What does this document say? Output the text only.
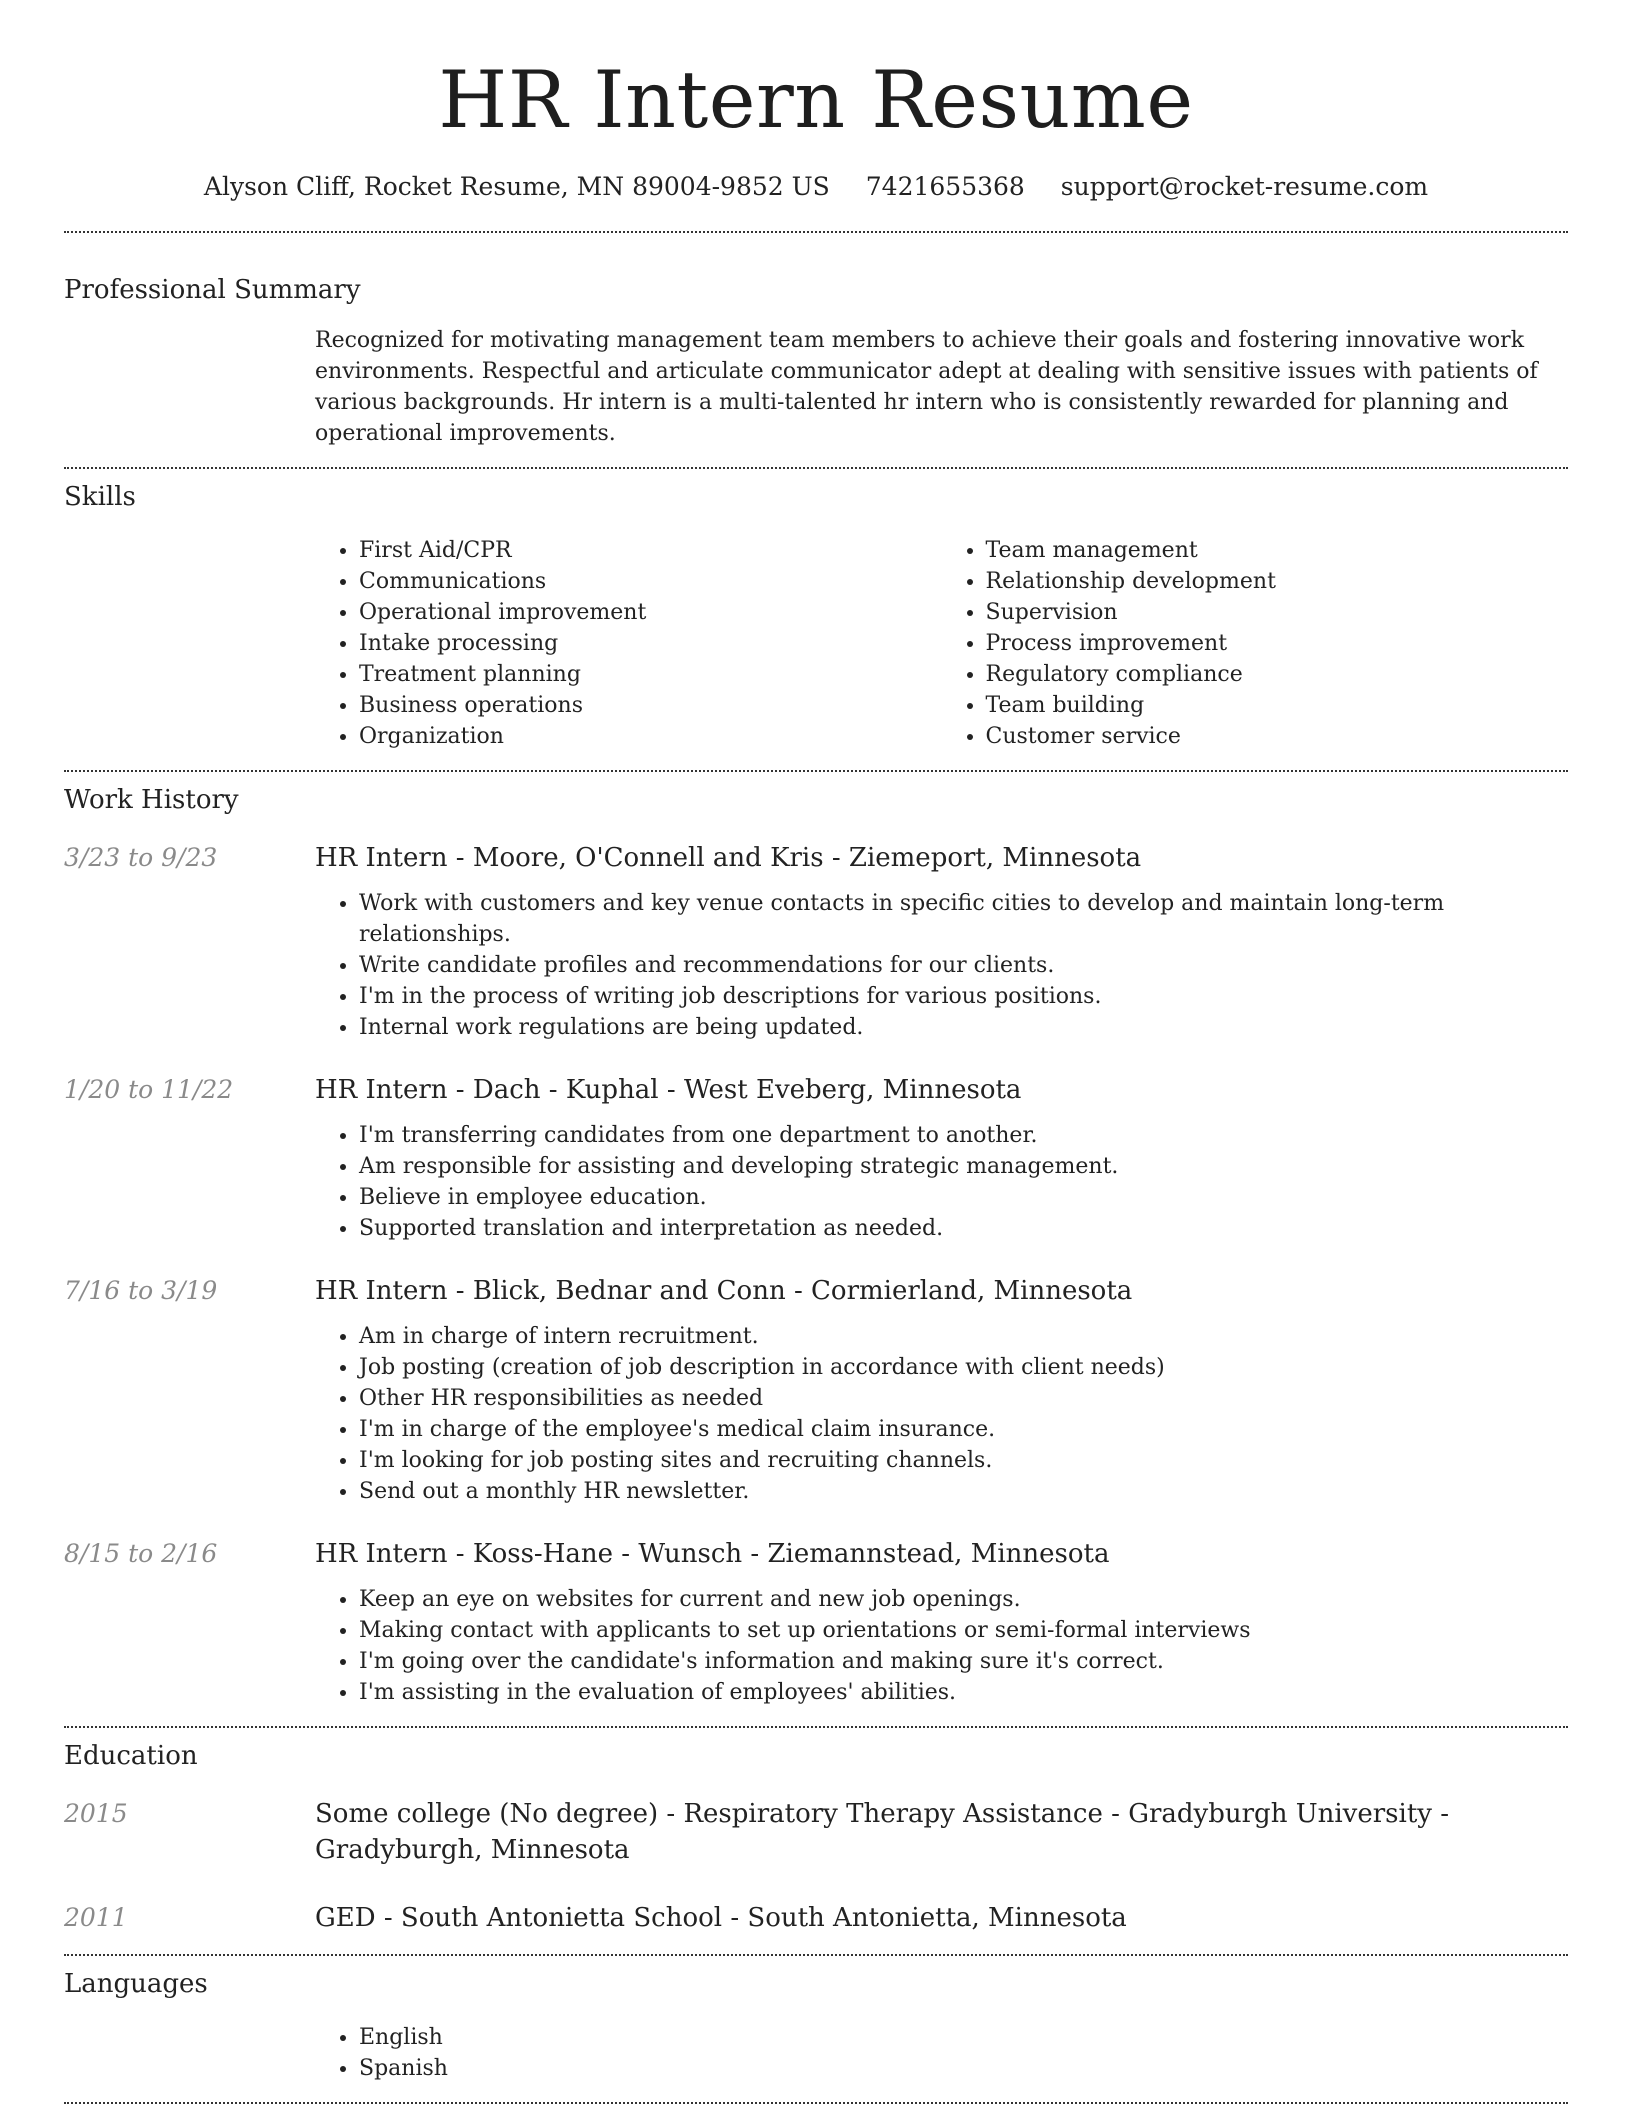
HR Intern Resume
Alyson Cliff, Rocket Resume, MN 89004-9852 US 7421655368 support@rocket-resume.com
Professional Summary

Recognized for motivating management team members to achieve their goals and fostering innovative work environments. Respectful and articulate communicator adept at dealing with sensitive issues with patients of various backgrounds. Hr intern is a multi-talented hr intern who is consistently rewarded for planning and operational improvements.

Skills
• First Aid/CPR
• Communications
• Operational improvement
• Intake processing
• Treatment planning
• Business operations
• Organization
• Team management
• Relationship development
• Supervision
• Process improvement
• Regulatory compliance
• Team building
• Customer service
Work History
3/23 to 9/23	HR Intern - Moore, O'Connell and Kris - Ziemeport, Minnesota
• Work with customers and key venue contacts in specific cities to develop and maintain long-term relationships.
• Write candidate profiles and recommendations for our clients.
• I'm in the process of writing job descriptions for various positions.
• Internal work regulations are being updated.
1/20 to 11/22	HR Intern - Dach - Kuphal - West Eveberg, Minnesota
• I'm transferring candidates from one department to another.
• Am responsible for assisting and developing strategic management.
• Believe in employee education.
• Supported translation and interpretation as needed.
7/16 to 3/19	HR Intern - Blick, Bednar and Conn - Cormierland, Minnesota
• Am in charge of intern recruitment.
• Job posting (creation of job description in accordance with client needs)
• Other HR responsibilities as needed
• I'm in charge of the employee's medical claim insurance.
• I'm looking for job posting sites and recruiting channels.
• Send out a monthly HR newsletter.
8/15 to 2/16	HR Intern - Koss-Hane - Wunsch - Ziemannstead, Minnesota
• Keep an eye on websites for current and new job openings.
• Making contact with applicants to set up orientations or semi-formal interviews
• I'm going over the candidate's information and making sure it's correct.
• I'm assisting in the evaluation of employees' abilities.
Education
2015	Some college (No degree) - Respiratory Therapy Assistance - Gradyburgh University - Gradyburgh, Minnesota
2011	GED - South Antonietta School - South Antonietta, Minnesota
Languages
• English
• Spanish
